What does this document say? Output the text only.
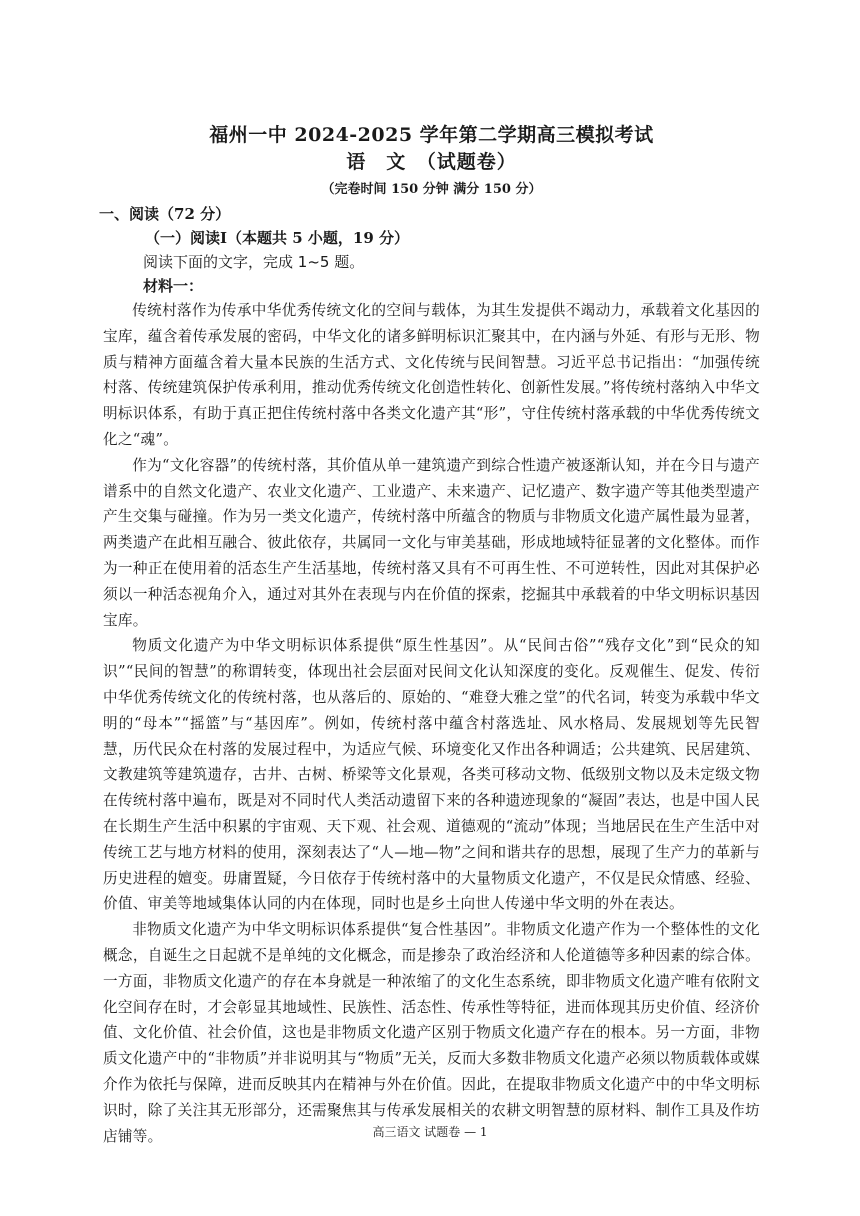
福州一中 2024-2025 学年第二学期高三模拟考试
语　文　（试题卷）
（完卷时间 150 分钟 满分 150 分）
一、阅读（72 分）
（一）阅读Ⅰ（本题共 5 小题，19 分）
阅读下面的文字，完成 1~5 题。
材料一：

传统村落作为传承中华优秀传统文化的空间与载体，为其生发提供不竭动力，承载着文化基因的宝库，蕴含着传承发展的密码，中华文化的诸多鲜明标识汇聚其中，在内涵与外延、有形与无形、物质与精神方面蕴含着大量本民族的生活方式、文化传统与民间智慧。习近平总书记指出：“加强传统村落、传统建筑保护传承利用，推动优秀传统文化创造性转化、创新性发展。”将传统村落纳入中华文明标识体系，有助于真正把住传统村落中各类文化遗产其“形”，守住传统村落承载的中华优秀传统文化之“魂”。

作为“文化容器”的传统村落，其价值从单一建筑遗产到综合性遗产被逐渐认知，并在今日与遗产谱系中的自然文化遗产、农业文化遗产、工业遗产、未来遗产、记忆遗产、数字遗产等其他类型遗产产生交集与碰撞。作为另一类文化遗产，传统村落中所蕴含的物质与非物质文化遗产属性最为显著，两类遗产在此相互融合、彼此依存，共属同一文化与审美基础，形成地域特征显著的文化整体。而作为一种正在使用着的活态生产生活基地，传统村落又具有不可再生性、不可逆转性，因此对其保护必须以一种活态视角介入，通过对其外在表现与内在价值的探索，挖掘其中承载着的中华文明标识基因宝库。

物质文化遗产为中华文明标识体系提供“原生性基因”。从“民间古俗”“残存文化”到“民众的知识”“民间的智慧”的称谓转变，体现出社会层面对民间文化认知深度的变化。反观催生、促发、传衍中华优秀传统文化的传统村落，也从落后的、原始的、“难登大雅之堂”的代名词，转变为承载中华文明的“母本”“摇篮”与“基因库”。例如，传统村落中蕴含村落选址、风水格局、发展规划等先民智慧，历代民众在村落的发展过程中，为适应气候、环境变化又作出各种调适；公共建筑、民居建筑、文教建筑等建筑遗存，古井、古树、桥梁等文化景观，各类可移动文物、低级别文物以及未定级文物在传统村落中遍布，既是对不同时代人类活动遗留下来的各种遗迹现象的“凝固”表达，也是中国人民在长期生产生活中积累的宇宙观、天下观、社会观、道德观的“流动”体现；当地居民在生产生活中对传统工艺与地方材料的使用，深刻表达了“人—地—物”之间和谐共存的思想，展现了生产力的革新与历史进程的嬗变。毋庸置疑，今日依存于传统村落中的大量物质文化遗产，不仅是民众情感、经验、价值、审美等地域集体认同的内在体现，同时也是乡土向世人传递中华文明的外在表达。

非物质文化遗产为中华文明标识体系提供“复合性基因”。非物质文化遗产作为一个整体性的文化概念，自诞生之日起就不是单纯的文化概念，而是掺杂了政治经济和人伦道德等多种因素的综合体。一方面，非物质文化遗产的存在本身就是一种浓缩了的文化生态系统，即非物质文化遗产唯有依附文化空间存在时，才会彰显其地域性、民族性、活态性、传承性等特征，进而体现其历史价值、经济价值、文化价值、社会价值，这也是非物质文化遗产区别于物质文化遗产存在的根本。另一方面，非物质文化遗产中的“非物质”并非说明其与“物质”无关，反而大多数非物质文化遗产必须以物质载体或媒介作为依托与保障，进而反映其内在精神与外在价值。因此，在提取非物质文化遗产中的中华文明标识时，除了关注其无形部分，还需聚焦其与传承发展相关的农耕文明智慧的原材料、制作工具及作坊店铺等。	高三语文 试题卷 — 1
